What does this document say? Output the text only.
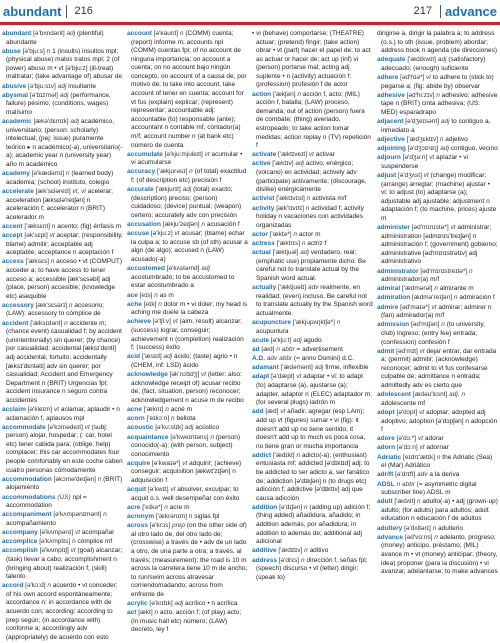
abundant 216	217 advance

abundant [ə'bʌndənt] adj (plentiful) abundante

abuse [ə'bju:s] n 1 (insults) insultos mpl; (physical abuse) malos tratos mpl; 2 (of power) abuso m • vt [ə'bju:z] (ill-treat) maltratar; (take advantage of) abusar de

abusive [ə'bju:sɪv] adj insultante

abysmal [ə'bɪzməl] adj (performance, failure) pésimo; (conditions, wages) malísimo

academic [ækə'dɛmɪk] adj académico, universitario; (person: scholarly) intelectual; (pej: issue) puramente teórico ▸ n académico(-a), universitario(-a); academic year n (university year) año m académico

academy [ə'kædəmɪ] n (learned body) academia; (school) instituto, colegio

accelerate [æk'sɛləreɪt] vt, vi acelerar; acceleration [æksɛlə'reɪʃən] n aceleración f; accelerator n (BRIT) acelerador m

accent ['æksɛnt] n acento; (fig) énfasis m

accept [ək'sɛpt] vt aceptar; (responsibility, blame) admitir; acceptable adj aceptable; acceptance n aceptación f

access ['æksɛs] n acceso • vt (COMPUT) acceder a; to have access to tener acceso a; accessible [æk'sɛsəbl] adj (place, person) accesible; (knowledge etc) asequible

accessory [æk'sɛsərɪ] n accesorio; (LAW): accessory to cómplice de

accident ['æksɪdənt] n accidente m; (chance event) casualidad f; by accident (unintentionally) sin querer; (by chance) por casualidad; accidental [æksɪ'dɛntl] adj accidental, fortuito; accidentally [æksɪ'dɛntəlɪ] adv sin querer; por casualidad; Accident and Emergency Department n (BRIT) Urgencias fpl; accident insurance n seguro contra accidentes

acclaim [ə'kleɪm] vt aclamar, aplaudir • n aclamación f, aplausos mpl

accommodate [ə'kɔmədeɪt] vt (subj: person) alojar, hospedar; (: car, hotel etc) tener cabida para; (oblige, help) complacer; this car accommodates four people comfortably en este coche caben cuatro personas cómodamente

accommodation [əkɔmə'deɪʃən] n (BRIT) alojamiento

accommodations (US) npl = accommodation

accompaniment [ə'kʌmpənɪmənt] n acompañamiento

accompany [ə'kʌmpənɪ] vt acompañar

accomplice [ə'kʌmplɪs] n cómplice mf

accomplish [ə'kʌmplɪʃ] vt (goal) alcanzar; (task) llevar a cabo; accomplishment n (bringing about) realización f; (skill) talento

accord [ə'kɔ:d] n acuerdo • vt conceder; of his own accord espontáneamente; accordance n: in accordance with de acuerdo con; according: according to prep según; (in accordance with) conforme a; accordingly adv (appropriately) de acuerdo con esto

account [ə'kaunt] n (COMM) cuenta; (report) informe m; accounts npl (COMM) cuentas fpl; of no account de ninguna importancia; on account a cuenta; on no account bajo ningún concepto; on account of a causa de, por motivo de; to take into account, take account of tener en cuenta; account for vt fus (explain) explicar; (represent) representar; accountable adj: accountable (to) responsable (ante); accountant n contable mf, contador(a) m/f; account number n (at bank etc) número de cuenta

accumulate [ə'kju:mjuleɪt] vt acumular • vi acumularse

accuracy ['ækjurəsɪ] n (of total) exactitud f; (of description etc) precisión f

accurate ['ækjurɪt] adj (total) exacto; (description) preciso; (person) cuidadoso; (device) puntual; (weapon) certero; accurately adv con precisión

accusation [ækju'zeɪʃən] n acusación f

accuse [ə'kju:z] vt acusar; (blame) echar la culpa a; to accuse sb (of sth) acusar a algn (de algo); accused n (LAW) acusado(-a)

accustomed [ə'kʌstəmd] adj acostumbrado; to be accustomed to estar acostumbrado a

ace [eɪs] n as m

ache [eɪk] n dolor m • vi doler; my head is aching me duele la cabeza

achieve [ə'tʃi:v] vt (aim, result) alcanzar; (success) lograr, conseguir; achievement n (completion) realización f; (success) éxito

acid ['æsɪd] adj ácido; (taste) agrio • n (CHEM, inf: LSD) ácido

acknowledge [ək'nɔlɪdʒ] vt (letter: also: acknowledge receipt of) acusar recibo de; (fact, situation, person) reconocer; acknowledgement n acuse m de recibo

acne ['æknɪ] n acné m

acorn ['eɪkɔ:n] n bellota

acoustic [ə'ku:stɪk] adj acústico

acquaintance [ə'kweɪntəns] n (person) conocido(-a); (with person, subject) conocimiento

acquire [ə'kwaɪə*] vt adquirir; (achieve) conseguir; acquisition [ækwɪ'zɪʃən] n adquisición f

acquit [ə'kwɪt] vt absolver, exculpar; to acquit o.s. well desempeñar con éxito

acre ['eɪkə*] n acre m

acronym ['ækrənɪm] n siglas fpl

across [ə'krɔs] prep (on the other side of) al otro lado de, del otro lado de; (crosswise) a través de • adv de un lado a otro, de una parte a otra; a través, al través; (measurement): the road is 10 m across la carretera tiene 10 m de ancho; to run/swim across atravesar corriendo/nadando; across from enfrente de

acrylic [ə'krɪlɪk] adj acrílico • n acrílica

act [ækt] n acto, acción f; (of play) acto; (in music hall etc) número; (LAW) decreto, ley f

• vi (behave) comportarse; (THEATRE) actuar; (pretend) fingir; (take action) obrar • vt (part) hacer el papel de; to act as actuar or hacer de; act up (inf) vi (person) portarse mal; acting adj suplente • n (activity) actuación f; (profession) profesión f de actor

action ['ækʃən] n acción f, acto; (MIL) acción f, batalla; (LAW) proceso, demanda; out of action (person) fuera de combate; (thing) averiado, estropeado; to take action tomar medidas; action replay n (TV) repetición f

activate ['æktɪveɪt] vt activar

active ['æktɪv] adj activo, enérgico; (volcano) en actividad; actively adv (participate) activamente; (discourage, dislike) enérgicamente

activist ['æktɪvɪst] n activista m/f

activity [æk'tɪvɪtɪ] n actividad f; activity holiday n vacaciones con actividades organizadas

actor ['æktə*] n actor m

actress ['æktrɪs] n actriz f

actual ['æktjuəl] adj verdadero, real; (emphatic use) propiamente dicho. Be careful not to translate actual by the Spanish word actual.

actually ['æktjuəlɪ] adv realmente, en realidad; (even) incluso. Be careful not to translate actually by the Spanish word actualmente.

acupuncture ['ækjupʌŋktʃə*] n acupuntura

acute [ə'kju:t] adj agudo

ad [æd] n abbr = advertisement

A.D. adv abbr (= anno Domini) d.C.

adamant ['ædəmənt] adj firme, inflexible

adapt [ə'dæpt] vt adaptar • vi: to adapt (to) adaptarse (a), ajustarse (a); adapter, adaptor n (ELEC) adaptador m; (for several plugs) ladrón m

add [æd] vt añadir, agregar (esp LAm); add up vt (figures) sumar • vi (fig): it doesn't add up no tiene sentido; it doesn't add up to much es poca cosa, no tiene gran or mucha importancia

addict ['ædɪkt] n adicto(-a); (enthusiast) entusiasta mf; addicted [ə'dɪktɪd] adj: to be addicted to ser adicto a, ser fanático de; addiction [ə'dɪkʃən] n (to drugs etc) adicción f; addictive [ə'dɪktɪv] adj que causa adicción

addition [ə'dɪʃən] n (adding up) adición f; (thing added) añadidura, añadido; in addition además, por añadidura; in addition to además de; additional adj adicional

additive ['ædɪtɪv] n aditivo

address [ə'drɛs] n dirección f, señas fpl; (speech) discurso • vt (letter) dirigir; (speak to)

dirigirse a, dirigir la palabra a; to address (o.s.) to sth (issue, problem) abordar; address book n agenda (de direcciones)

adequate ['ædɪkwɪt] adj (satisfactory) adecuado; (enough) suficiente

adhere [əd'hɪə*] vi to adhere to (stick to) pegarse a; (fig: abide by) observar

adhesive [əd'hi:zɪv] n adhesivo; adhesive tape n (BRIT) cinta adhesiva; (US: MED) esparadrapo

adjacent [ə'dʒeɪsənt] adj to contiguo a, inmediato a

adjective ['ædʒɛktɪv] n adjetivo

adjoining [ə'dʒɔɪnɪŋ] adj contiguo, vecino

adjourn [ə'dʒə:n] vt aplazar • vi suspenderse

adjust [ə'dʒʌst] vt (change) modificar; (arrange) arreglar; (machine) ajustar • vi: to adjust (to) adaptarse (a); adjustable adj ajustable; adjustment n adaptación f; (to machine, prices) ajuste m

administer [əd'mɪnɪstə*] vt administrar; administration [ədmɪnɪs'treɪʃən] n administración f; (government) gobierno; administrative [əd'mɪnɪstrətɪv] adj administrativo

administrator [əd'mɪnɪstreɪtə*] n administrador(a) m/f

admiral ['ædmərəl] n almirante m

admiration [ædmə'reɪʃən] n admiración f

admire [əd'maɪə*] vt admirar; admirer n (fan) admirador(a) m/f

admission [əd'mɪʃən] n (to university, club) ingreso; (entry fee) entrada; (confession) confesión f

admit [əd'mɪt] vt dejar entrar, dar entrada a; (permit) admitir; (acknowledge) reconocer; admit to vt fus confesarse culpable de; admittance n entrada; admittedly adv es cierto que

adolescent [ædəu'lɛsnt] adj, n adolescente mf

adopt [ə'dɔpt] vt adoptar; adopted adj adoptivo; adoption [ə'dɔpʃən] n adopción f

adore [ə'dɔ:*] vt adorar

adorn [ə'dɔ:n] vt adornar

Adriatic [eɪdrɪ'ætɪk] n the Adriatic (Sea) el (Mar) Adriático

adrift [ə'drɪft] adv a la deriva

ADSL n abbr (= asymmetric digital subscriber line) ADSL m

adult ['ædʌlt] n adulto(-a) • adj (grown-up) adulto; (for adults) para adultos; adult education n educación f de adultos

adultery [ə'dʌltərɪ] n adulterio

advance [əd'vɑ:ns] n adelanto, progreso; (money) anticipo, préstamo; (MIL) avance m • vt (money) anticipar; (theory, idea) proponer (para la discusión) • vi avanzar, adelantarse; to make advances
